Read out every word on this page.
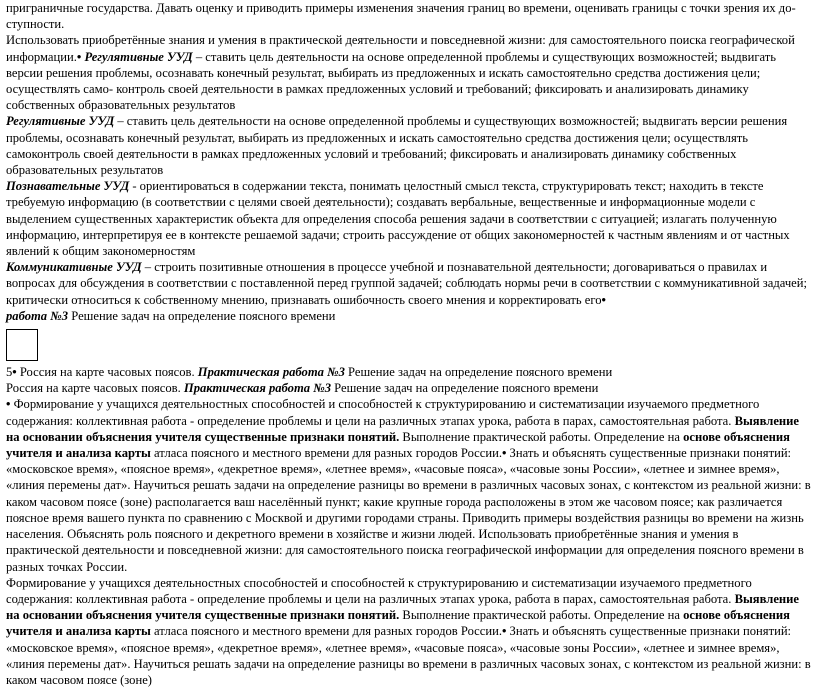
приграничные государства. Давать оценку и приводить примеры изменения значения границ во времени, оценивать границы с точки зрения их до- ступности.

Использовать приобретённые знания и умения в практической деятельности и повседневной жизни: для самостоятельного поиска географической информации.• Регулятивные УУД – ставить цель деятельности на основе определенной проблемы и существующих возможностей; выдвигать версии решения проблемы, осознавать конечный результат, выбирать из предложенных и искать самостоятельно средства достижения цели; осуществлять само- контроль своей деятельности в рамках предложенных условий и требований; фиксировать и анализировать динамику собственных образовательных результатов

Регулятивные УУД – ставить цель деятельности на основе определенной проблемы и существующих возможностей; выдвигать версии решения проблемы, осознавать конечный результат, выбирать из предложенных и искать самостоятельно средства достижения цели; осуществлять самоконтроль своей деятельности в рамках предложенных условий и требований; фиксировать и анализировать динамику собственных образовательных результатов

Познавательные УУД - ориентироваться в содержании текста, понимать целостный смысл текста, структурировать текст; находить в тексте требуемую информацию (в соответствии с целями своей деятельности); создавать вербальные, вещественные и информационные модели с выделением существенных характеристик объекта для определения способа решения задачи в соответствии с ситуацией; излагать полученную информацию, интерпретируя ее в контексте решаемой задачи; строить рассуждение от общих закономерностей к частным явлениям и от частных явлений к общим закономерностям

Коммуникативные УУД – строить позитивные отношения в процессе учебной и познавательной деятельности; договариваться о правилах и вопросах для обсуждения в соответствии с поставленной перед группой задачей; соблюдать нормы речи в соответствии с коммуникативной задачей; критически относиться к собственному мнению, признавать ошибочность своего мнения и корректировать его•

работа №3 Решение задач на определение поясного времени

5• Россия на карте часовых поясов. Практическая работа №3 Решение задач на определение поясного времени

Россия на карте часовых поясов. Практическая работа №3 Решение задач на определение поясного времени

• Формирование у учащихся деятельностных способностей и способностей к структурированию и систематизации изучаемого предметного содержания: коллективная работа - определение проблемы и цели на различных этапах урока, работа в парах, самостоятельная работа. Выявление на основании объяснения учителя существенные признаки понятий. Выполнение практической работы. Определение на основе объяснения учителя и анализа карты атласа поясного и местного времени для разных городов России.• Знать и объяснять существенные признаки понятий: «московское время», «поясное время», «декретное время», «летнее время», «часовые пояса», «часовые зоны России», «летнее и зимнее время», «линия перемены дат». Научиться решать задачи на определение разницы во времени в различных часовых зонах, с контекстом из реальной жизни: в каком часовом поясе (зоне) располагается ваш населённый пункт; какие крупные города расположены в этом же часовом поясе; как различается поясное время вашего пункта по сравнению с Москвой и другими городами страны. Приводить примеры воздействия разницы во времени на жизнь населения. Объяснять роль поясного и декретного времени в хозяйстве и жизни людей. Использовать приобретённые знания и умения в практической деятельности и повседневной жизни: для самостоятельного поиска географической информации для определения поясного времени в разных точках России.

Формирование у учащихся деятельностных способностей и способностей к структурированию и систематизации изучаемого предметного содержания: коллективная работа - определение проблемы и цели на различных этапах урока, работа в парах, самостоятельная работа. Выявление на основании объяснения учителя существенные признаки понятий. Выполнение практической работы. Определение на основе объяснения учителя и анализа карты атласа поясного и местного времени для разных городов России.• Знать и объяснять существенные признаки понятий: «московское время», «поясное время», «декретное время», «летнее время», «часовые пояса», «часовые зоны России», «летнее и зимнее время», «линия перемены дат». Научиться решать задачи на определение разницы во времени в различных часовых зонах, с контекстом из реальной жизни: в каком часовом поясе (зоне)
